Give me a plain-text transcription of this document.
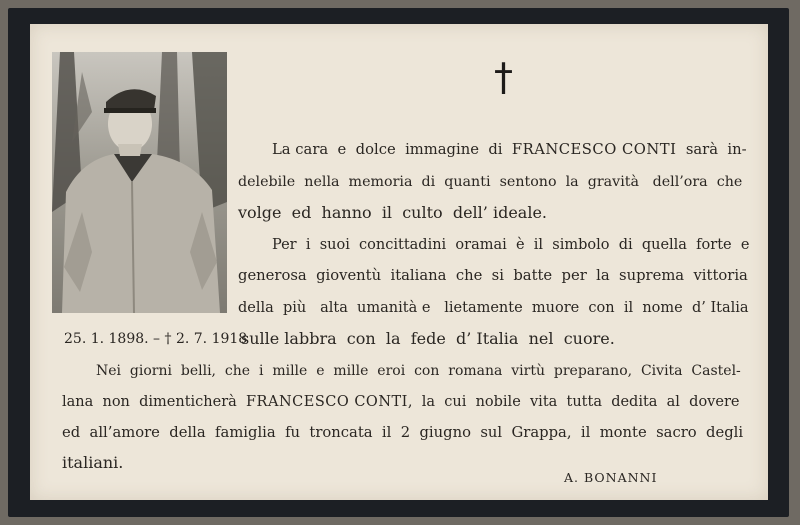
†
La cara  e  dolce  immagine  di  FRANCESCO CONTI  sarà  in-
delebile  nella  memoria  di  quanti  sentono  la  gravità   dell’ora  che
volge  ed  hanno  il  culto  dell’ ideale.
Per  i  suoi  concittadini  oramai  è  il  simbolo  di  quella  forte  e
generosa  gioventù  italiana  che  si  batte  per  la  suprema  vittoria
della  più   alta  umanità e   lietamente  muore  con  il  nome  d’ Italia
25. 1. 1898. – † 2. 7. 1918
sulle labbra  con  la  fede  d’ Italia  nel  cuore.
Nei  giorni  belli,  che  i  mille  e  mille  eroi  con  romana  virtù  preparano,  Civita  Castel-
lana  non  dimenticherà  FRANCESCO CONTI,  la  cui  nobile  vita  tutta  dedita  al  dovere
ed  all’amore  della  famiglia  fu  troncata  il  2  giugno  sul  Grappa,  il  monte  sacro  degli
italiani.
A. BONANNI
